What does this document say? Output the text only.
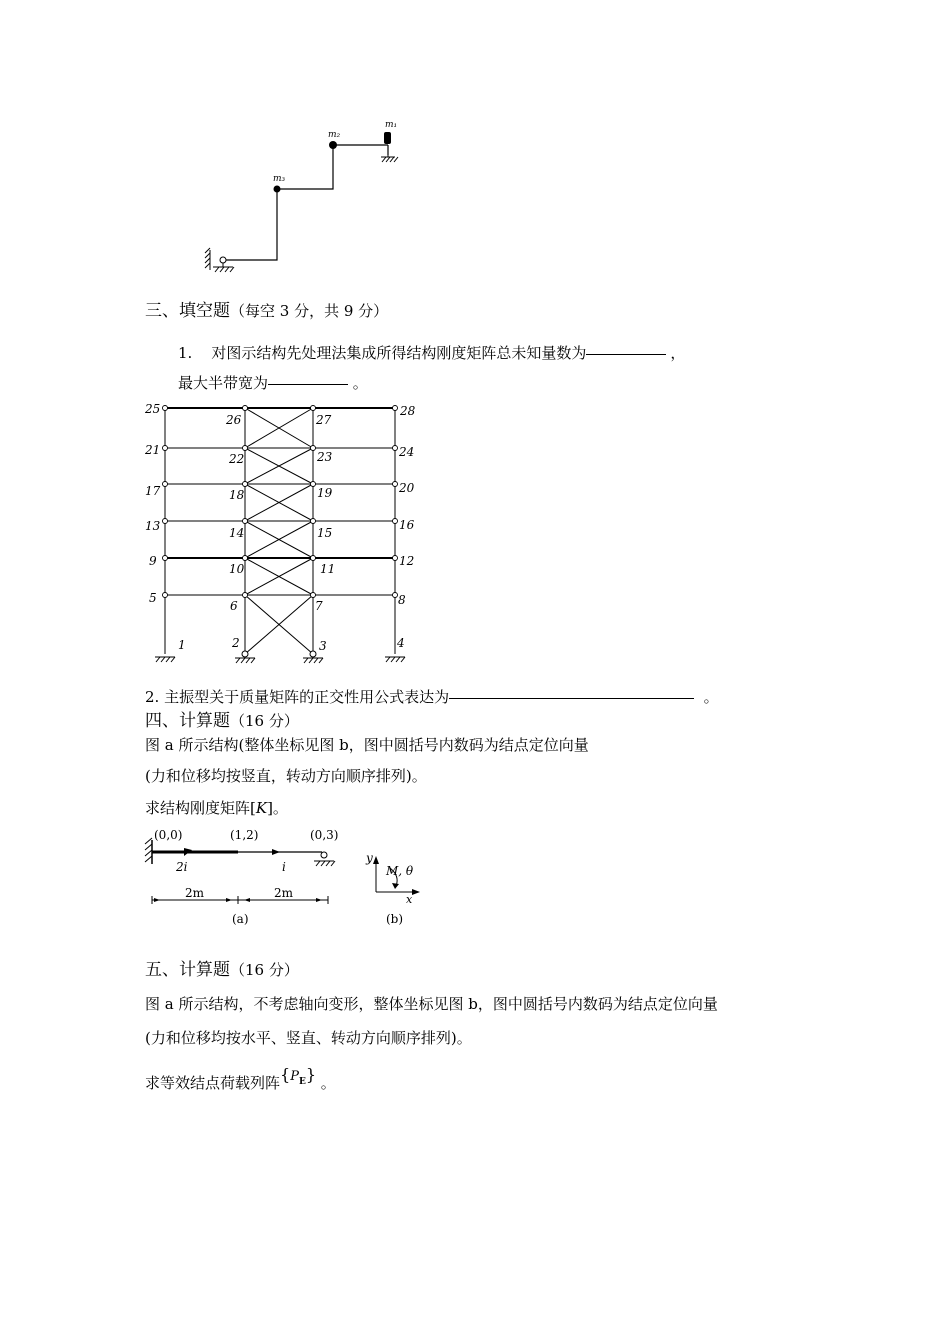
m₃
m₂
m₁
三、填空题（每空 3 分，共 9 分）
1. 对图示结构先处理法集成所得结构刚度矩阵总未知量数为	，
最大半带宽为	。
1	2	3	4
5
6	7	8
9
10	11
12
13	14	15
16
17	18	19	20
21
22	23	24
25
26	27
28
2. 主振型关于质量矩阵的正交性用公式表达为	。
四、计算题（16 分）
图 a 所示结构(整体坐标见图 b，图中圆括号内数码为结点定位向量
(力和位移均按竖直，转动方向顺序排列)。
求结构刚度矩阵[K]。
(0,0)	(1,2)	(0,3)
2i	i
2m	2m
(a)
y
x
M, θ
(b)
五、计算题（16 分）
图 a 所示结构，不考虑轴向变形，整体坐标见图 b，图中圆括号内数码为结点定位向量
(力和位移均按水平、竖直、转动方向顺序排列)。
求等效结点荷载列阵$\{P_E\}$ 。
